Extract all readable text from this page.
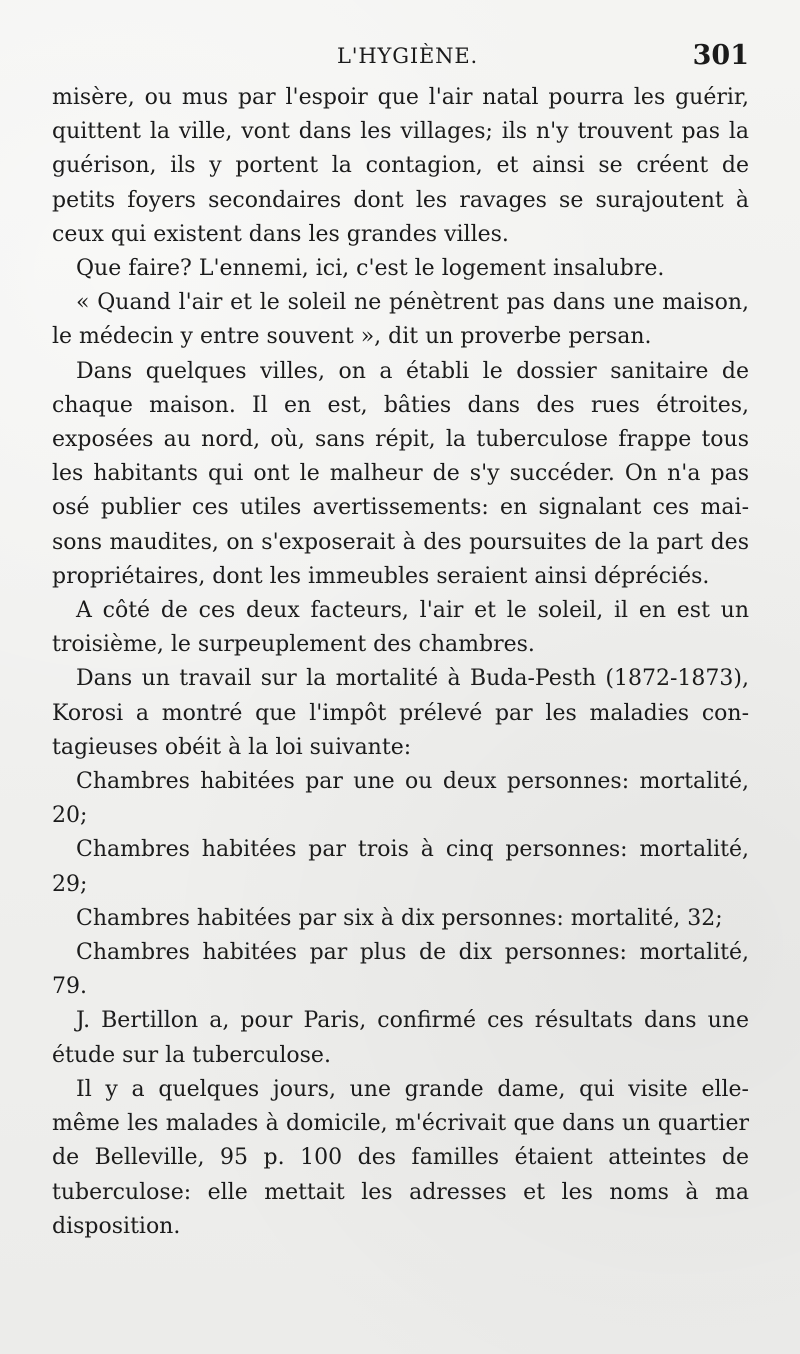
L'HYGIÈNE.	301

misère, ou mus par l'espoir que l'air natal pourra les guérir, quittent la ville, vont dans les villages; ils n'y trouvent pas la guérison, ils y portent la contagion, et ainsi se créent de petits foyers secondaires dont les ravages se surajoutent à ceux qui existent dans les grandes villes.

Que faire? L'ennemi, ici, c'est le logement insalubre.

« Quand l'air et le soleil ne pénètrent pas dans une maison, le médecin y entre souvent », dit un proverbe persan.

Dans quelques villes, on a établi le dossier sanitaire de chaque maison. Il en est, bâties dans des rues étroites, exposées au nord, où, sans répit, la tuberculose frappe tous les habitants qui ont le malheur de s'y succéder. On n'a pas osé publier ces utiles avertissements: en signalant ces maisons maudites, on s'exposerait à des poursuites de la part des propriétaires, dont les immeubles seraient ainsi dépréciés.

A côté de ces deux facteurs, l'air et le soleil, il en est un troisième, le surpeuplement des chambres.

Dans un travail sur la mortalité à Buda-Pesth (1872-1873), Korosi a montré que l'impôt prélevé par les maladies contagieuses obéit à la loi suivante:

Chambres habitées par une ou deux personnes: mortalité, 20;

Chambres habitées par trois à cinq personnes: mortalité, 29;

Chambres habitées par six à dix personnes: mortalité, 32;

Chambres habitées par plus de dix personnes: mortalité, 79.

J. Bertillon a, pour Paris, confirmé ces résultats dans une étude sur la tuberculose.

Il y a quelques jours, une grande dame, qui visite elle-même les malades à domicile, m'écrivait que dans un quartier de Belleville, 95 p. 100 des familles étaient atteintes de tuberculose: elle mettait les adresses et les noms à ma disposition.
